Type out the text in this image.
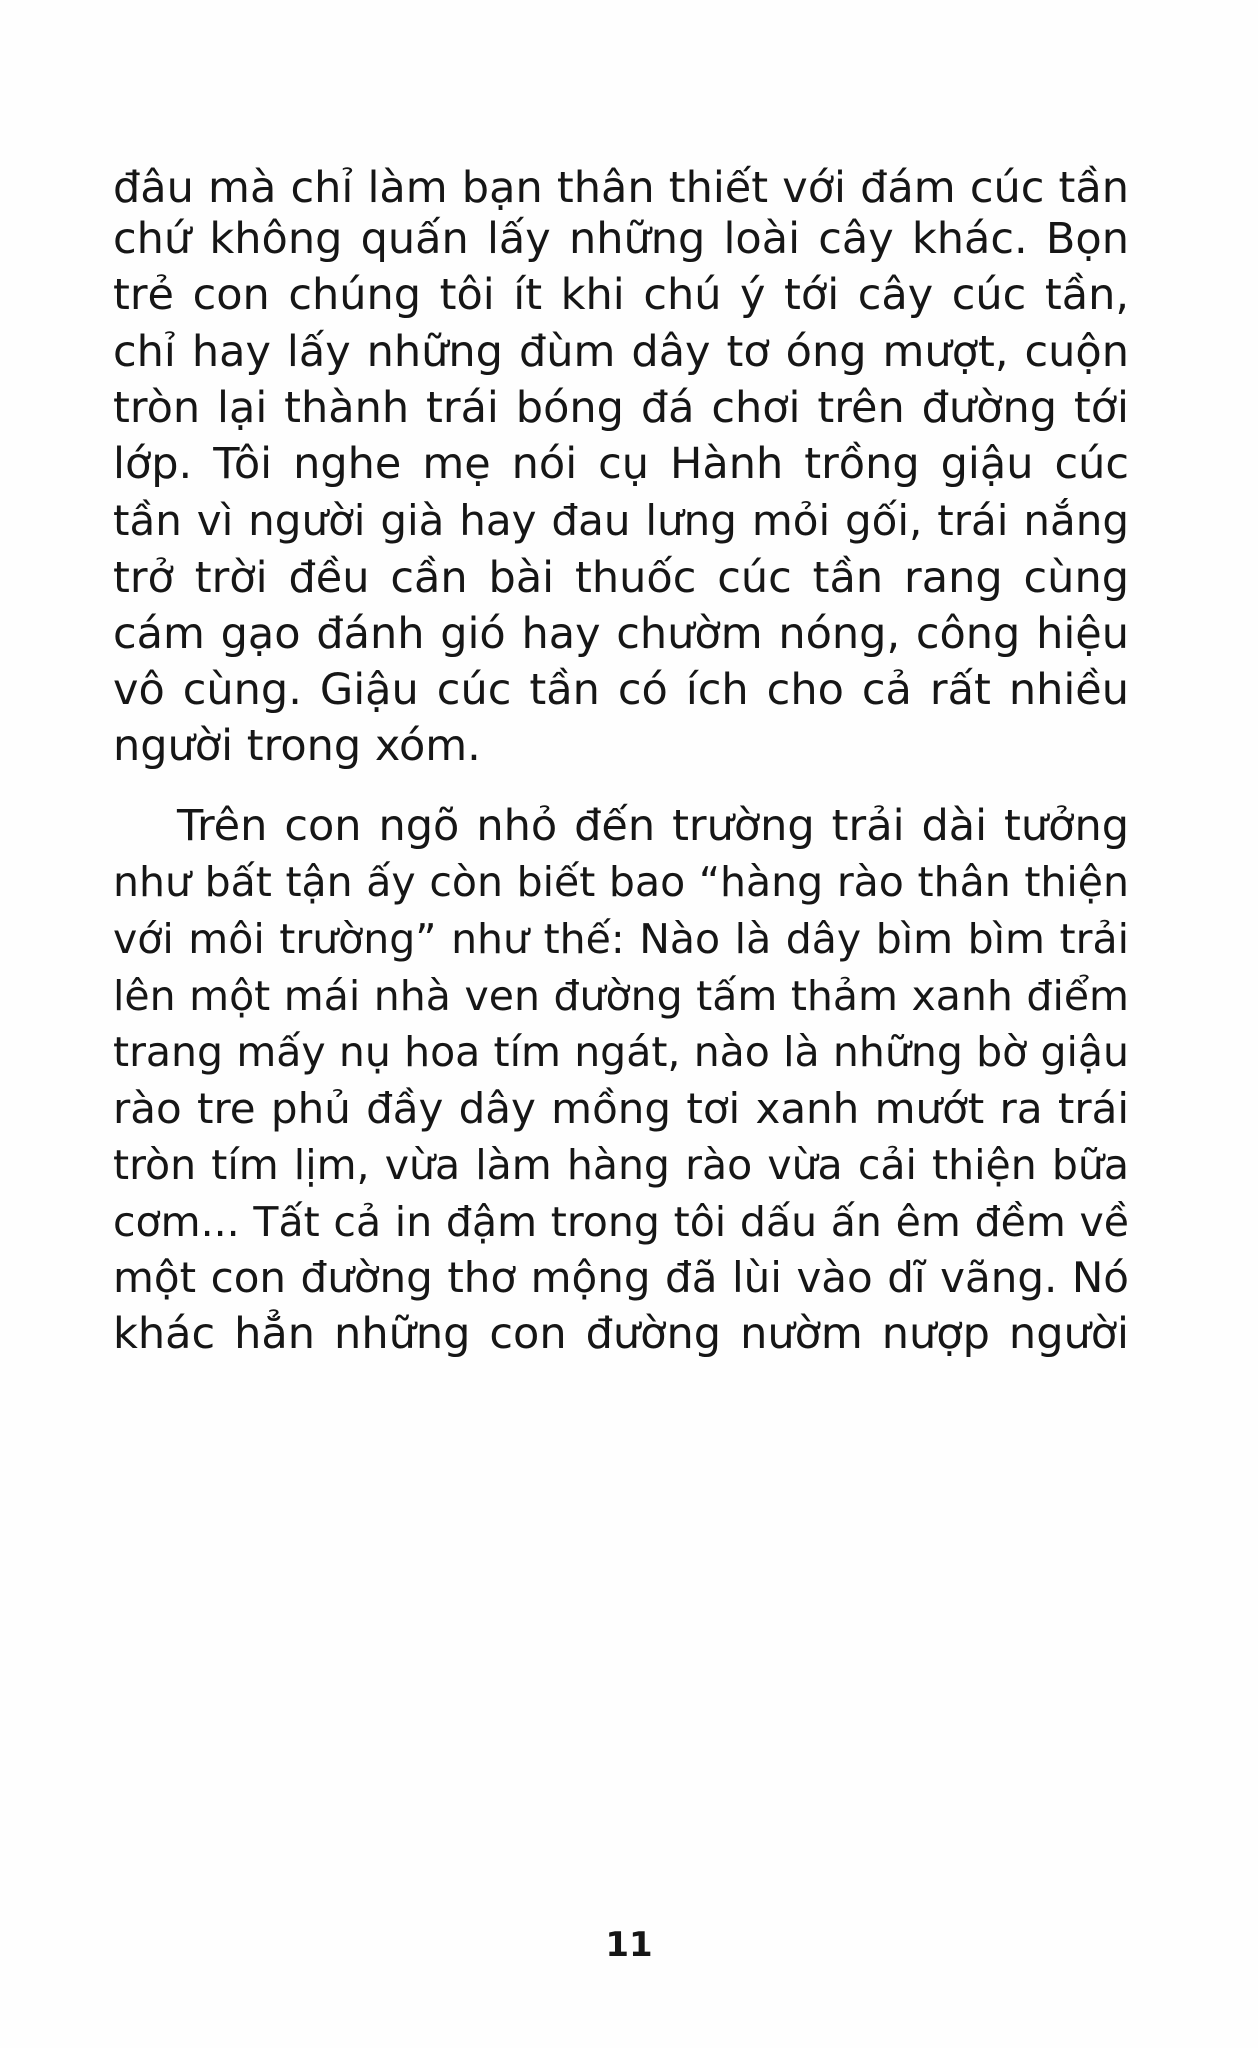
đâu mà chỉ làm bạn thân thiết với đám cúc tần
chứ không quấn lấy những loài cây khác. Bọn
trẻ con chúng tôi ít khi chú ý tới cây cúc tần,
chỉ hay lấy những đùm dây tơ óng mượt, cuộn
tròn lại thành trái bóng đá chơi trên đường tới
lớp. Tôi nghe mẹ nói cụ Hành trồng giậu cúc
tần vì người già hay đau lưng mỏi gối, trái nắng
trở trời đều cần bài thuốc cúc tần rang cùng
cám gạo đánh gió hay chườm nóng, công hiệu
vô cùng. Giậu cúc tần có ích cho cả rất nhiều
người trong xóm.
Trên con ngõ nhỏ đến trường trải dài tưởng
như bất tận ấy còn biết bao “hàng rào thân thiện
với môi trường” như thế: Nào là dây bìm bìm trải
lên một mái nhà ven đường tấm thảm xanh điểm
trang mấy nụ hoa tím ngát, nào là những bờ giậu
rào tre phủ đầy dây mồng tơi xanh mướt ra trái
tròn tím lịm, vừa làm hàng rào vừa cải thiện bữa
cơm... Tất cả in đậm trong tôi dấu ấn êm đềm về
một con đường thơ mộng đã lùi vào dĩ vãng. Nó
khác hẳn những con đường nườm nượp người
11
